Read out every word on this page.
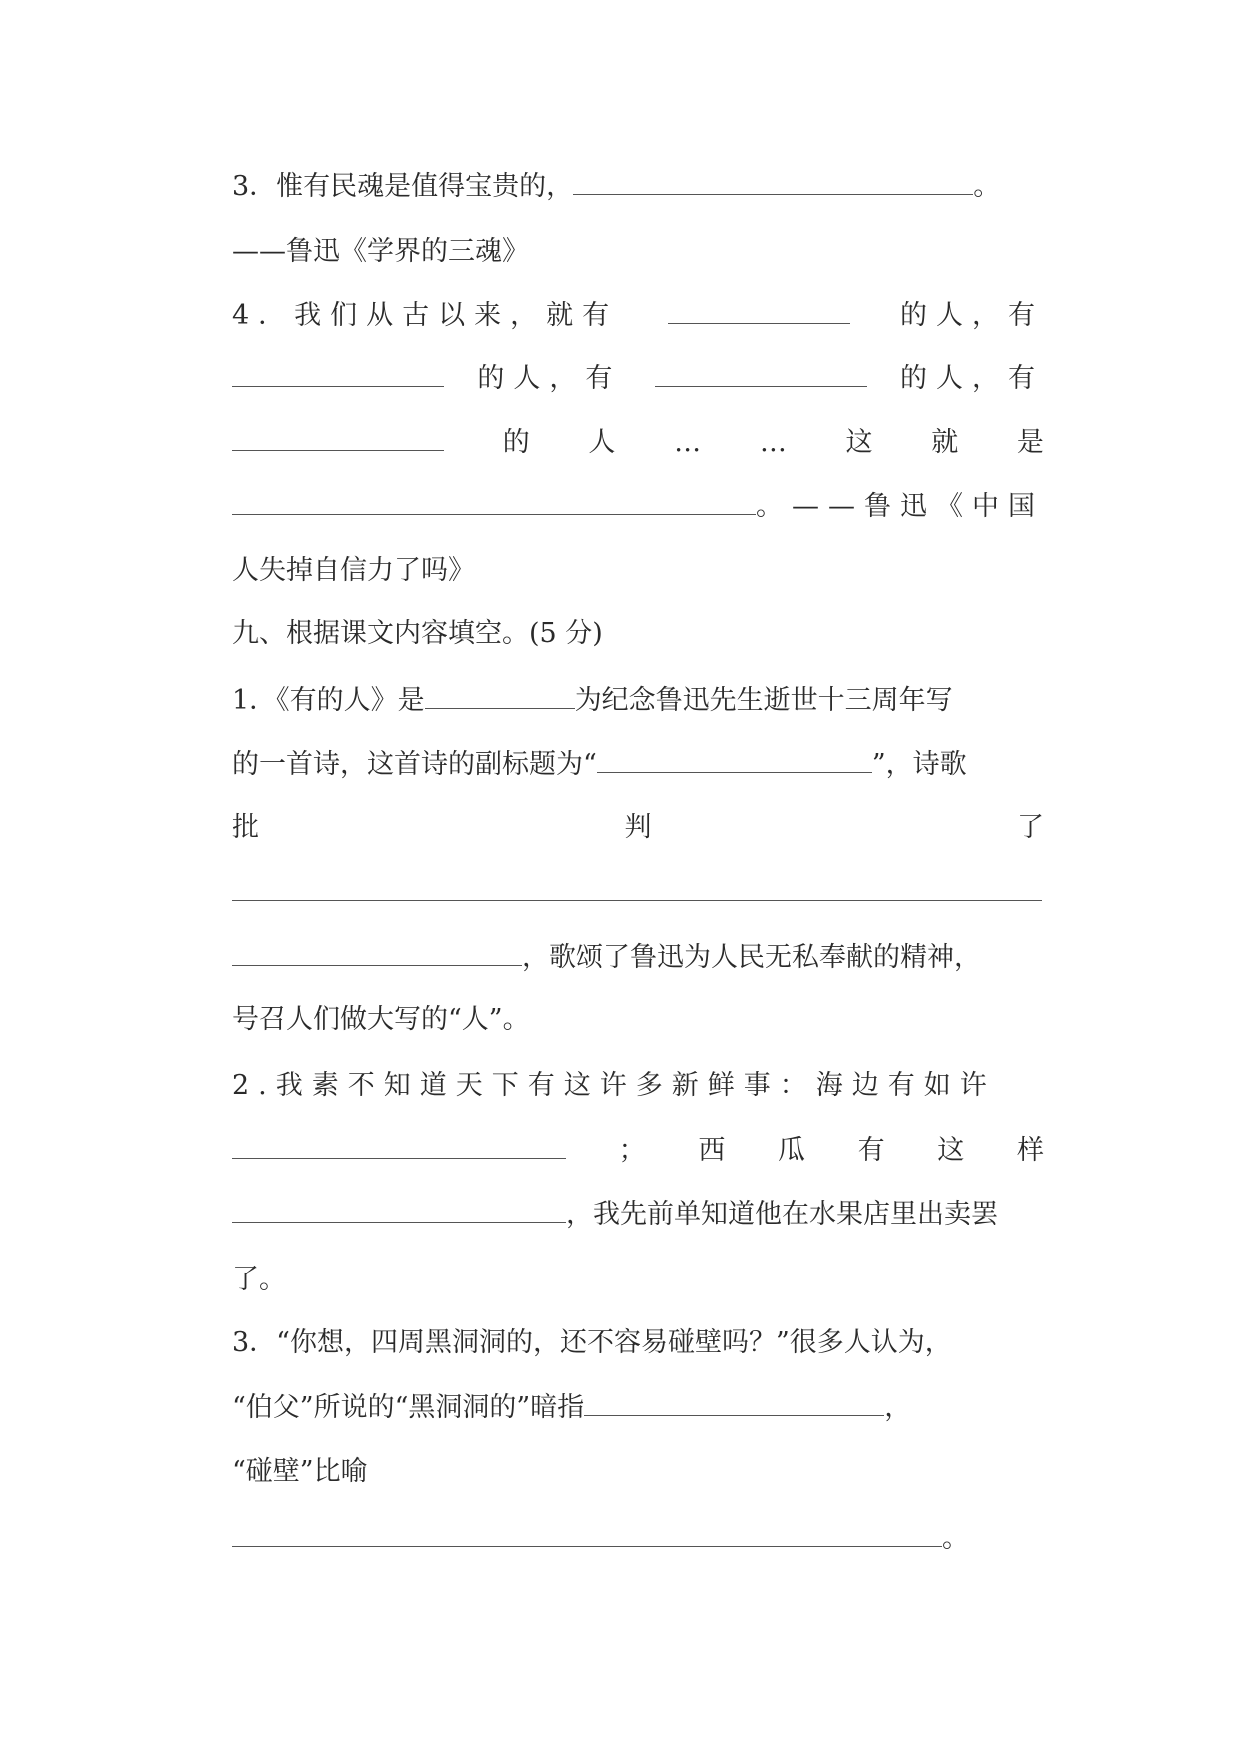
3．惟有民魂是值得宝贵的，	。
——鲁迅《学界的三魂》
4．我们从古以来，就有	的人，有
的人，有	的人，有
的 人 … … 这 就 是
。——鲁迅《中国
人失掉自信力了吗》
九、根据课文内容填空。(5 分)
1．《有的人》是	为纪念鲁迅先生逝世十三周年写
的一首诗，这首诗的副标题为“	”，诗歌
批	判	了
，歌颂了鲁迅为人民无私奉献的精神，
号召人们做大写的“人”。
2.我素不知道天下有这许多新鲜事：海边有如许
； 西 瓜 有 这 样
，我先前单知道他在水果店里出卖罢
了。
3．“你想，四周黑洞洞的，还不容易碰壁吗？”很多人认为，
“伯父”所说的“黑洞洞的”暗指	，
“碰壁”比喻
。
